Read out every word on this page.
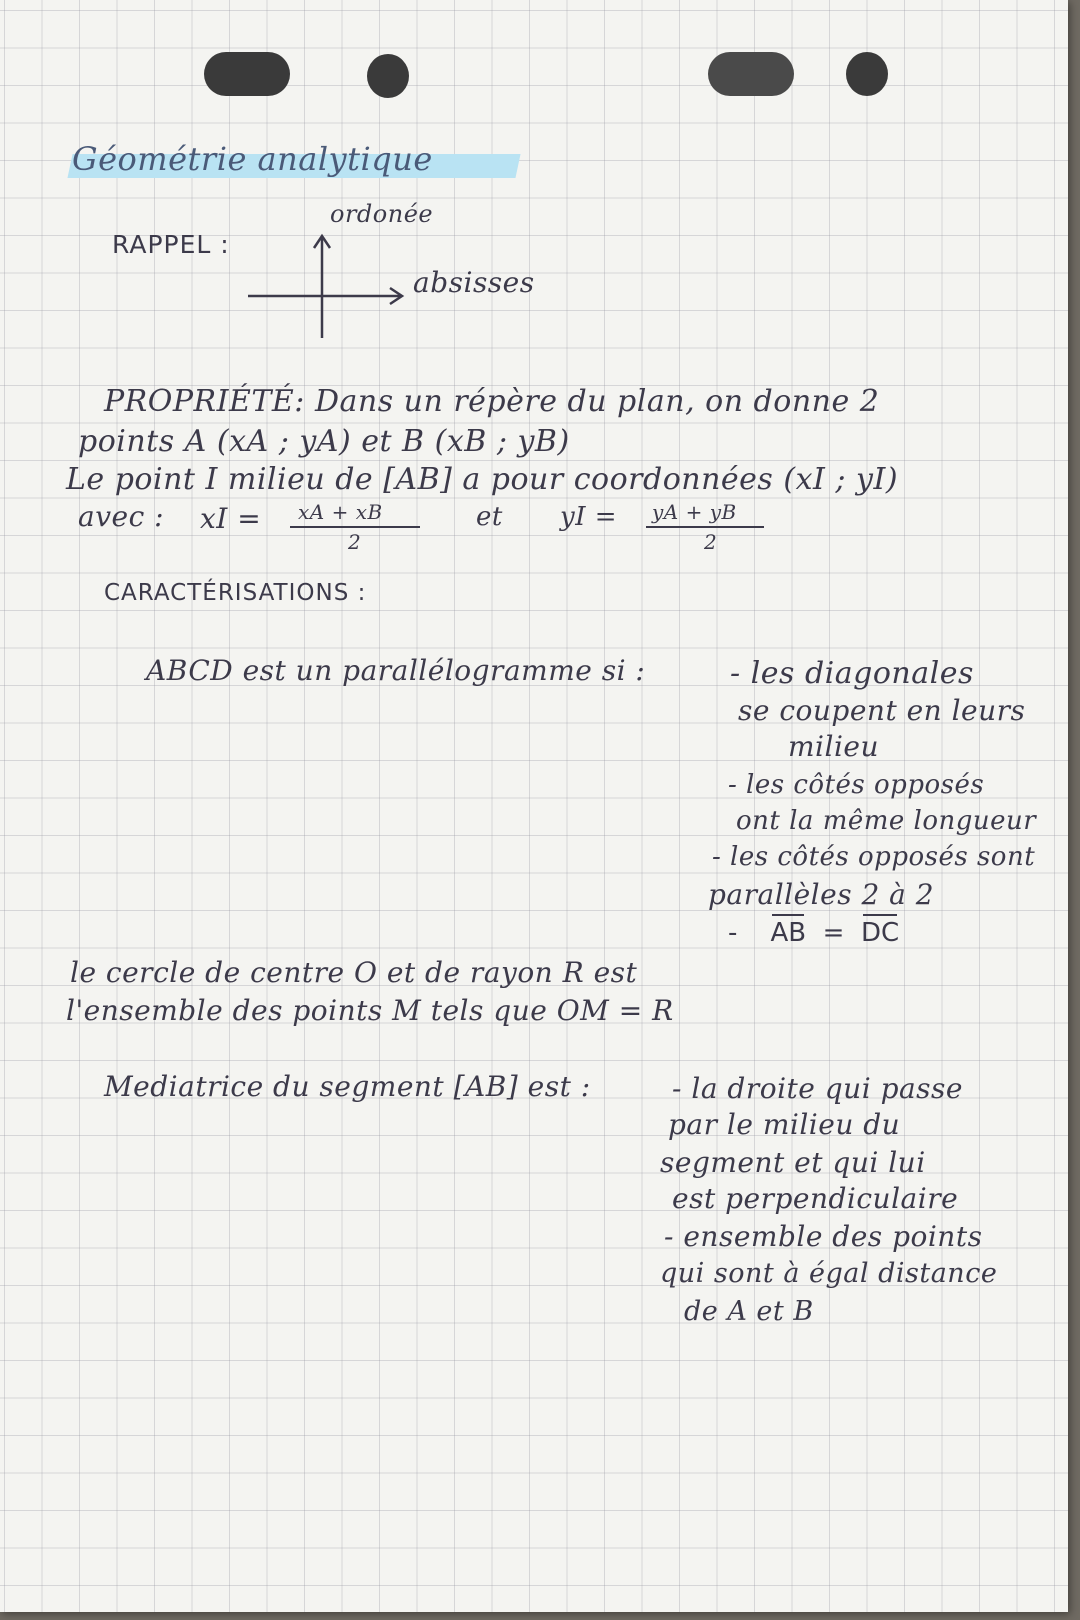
Géométrie analytique
RAPPEL :
ordonée
absisses
PROPRIÉTÉ: Dans un répère du plan, on donne 2
points A (xA ; yA) et B (xB ; yB)
Le point I milieu de [AB] a pour coordonnées (xI ; yI)
avec : xI = xA + xB
2
et yI = yA + yB
2
CARACTÉRISATIONS :
ABCD est un parallélogramme si :	- les diagonales
se coupent en leurs
milieu
- les côtés opposés
ont la même longueur
- les côtés opposés sont
parallèles 2 à 2
- AB = DC
le cercle de centre O et de rayon R est
l'ensemble des points M tels que OM = R
Mediatrice du segment [AB] est :	- la droite qui passe
par le milieu du
segment et qui lui
est perpendiculaire
- ensemble des points
qui sont à égal distance
de A et B
